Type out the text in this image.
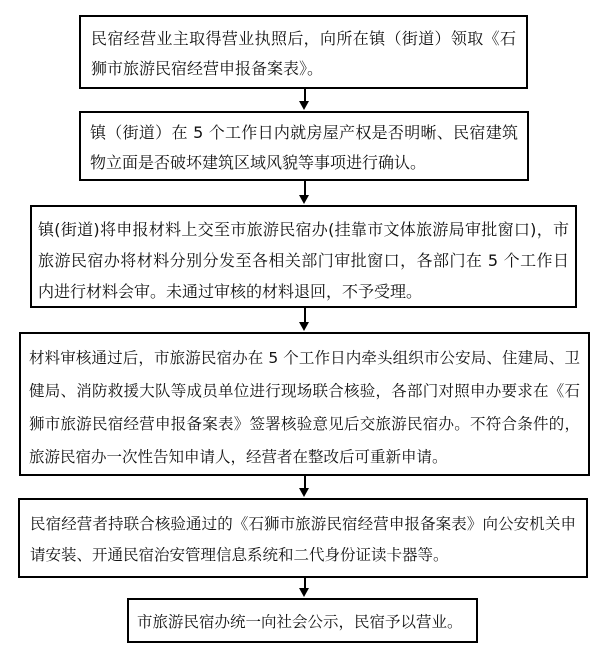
民宿经营业主取得营业执照后，向所在镇（街道）领取《石狮市旅游民宿经营申报备案表》。
镇（街道）在 5 个工作日内就房屋产权是否明晰、民宿建筑物立面是否破坏建筑区域风貌等事项进行确认。
镇(街道)将申报材料上交至市旅游民宿办(挂靠市文体旅游局审批窗口)，市旅游民宿办将材料分别分发至各相关部门审批窗口，各部门在 5 个工作日内进行材料会审。未通过审核的材料退回，不予受理。
材料审核通过后，市旅游民宿办在 5 个工作日内牵头组织市公安局、住建局、卫健局、消防救援大队等成员单位进行现场联合核验，各部门对照申办要求在《石狮市旅游民宿经营申报备案表》签署核验意见后交旅游民宿办。不符合条件的，旅游民宿办一次性告知申请人，经营者在整改后可重新申请。
民宿经营者持联合核验通过的《石狮市旅游民宿经营申报备案表》向公安机关申请安装、开通民宿治安管理信息系统和二代身份证读卡器等。
市旅游民宿办统一向社会公示，民宿予以营业。
